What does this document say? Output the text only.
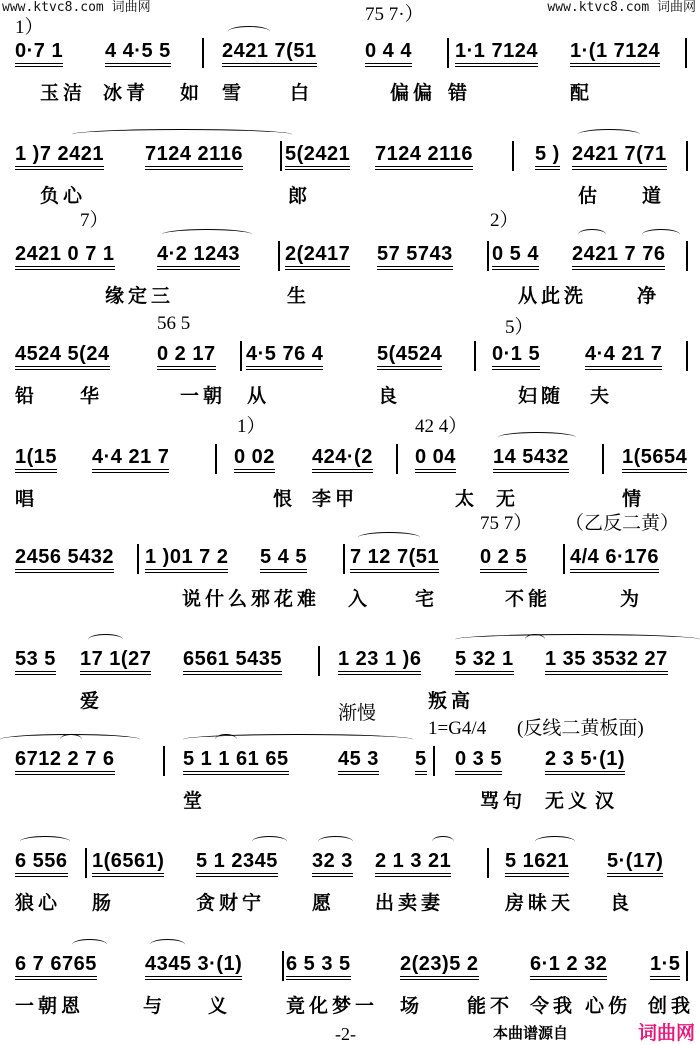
www.ktvc8.com 词曲网	www.ktvc8.com 词曲网
-2-	本曲谱源自	词曲网
0·7 1 4 4·5 5	2421 7(51 0 4 4 1·1 7124 1·(1 7124
玉洁 冰青 如 雪 白	偏偏 错	配
1）
75 7·）
1 )7 2421 7124 2116 5(2421 7124 2116	5 ) 2421 7(71
负心	郎	估 道
2421 0 7 1 4·2 1243 2(2417 57 5743 0 5 4 2421 7 76
缘定三	生	从此洗	净
7）	2）
4524 5(24 0 2 17 4·5 76 4	5(4524 0·1 5 4·4 21 7
铅 华	一朝 从	良	妇随 夫
56 5	5）
1(15 4·4 21 7	0 02 424·(2 0 04 14 5432	1(5654
唱	恨 李甲	太 无	情
1）	42 4）
2456 5432 1 )01 7 2 5 4 5 7 12 7(51 0 2 5 4/4 6·176
说什么邪花难 入 宅	不能	为
75 7） （乙反二黄）
53 5 17 1(27 6561 5435	1 23 1 )6 5 32 1 1 35 3532 27
爱	叛高
6712 2 7 6	5 1 1 61 65 45 3 5 0 3 5 2 3 5·(1)
堂	骂句 无义 汉
渐慢
1=G4/4 (反线二黄板面)
6 556 1(6561) 5 1 2345 32 3 2 1 3 21	5 1621 5·(17)
狼心 肠	贪财宁 愿 出卖妻	房昧天 良
6 7 6765 4345 3·(1) 6 5 3 5 2(23)5 2	6·1 2 32 1·5
一朝恩	与 义	竟化梦一 场 能不 令我 心伤 创我
